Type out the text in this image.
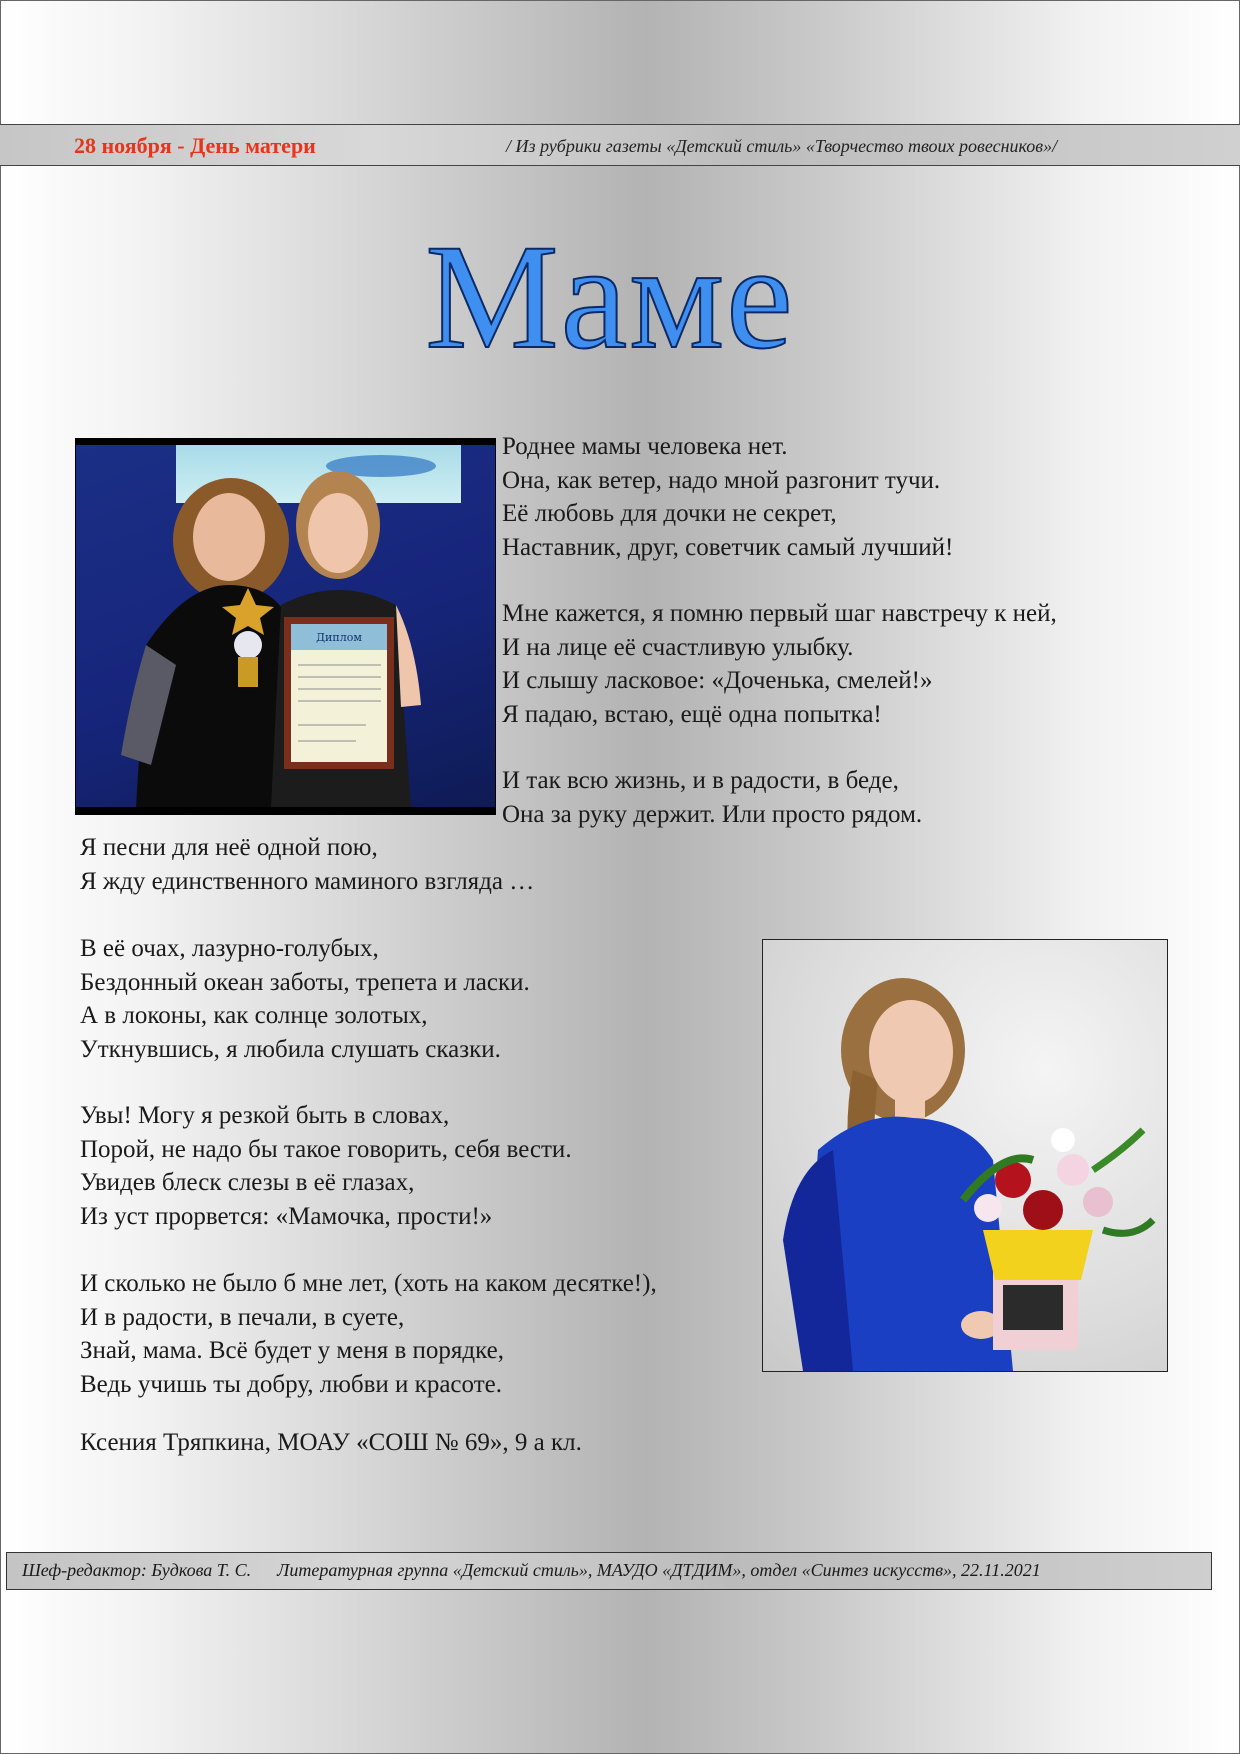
28 ноября - День матери	/ Из рубрики газеты «Детский стиль» «Творчество твоих ровесников»/
Маме
Диплом

Роднее мамы человека нет.

Она, как ветер, надо мной разгонит тучи.

Её любовь для дочки не секрет,

Наставник, друг, советчик самый лучший!

Мне кажется, я помню первый шаг навстречу к ней,

И на лице её счастливую улыбку.

И слышу ласковое: «Доченька, смелей!»

Я падаю, встаю, ещё одна попытка!

И так всю жизнь, и в радости, в беде,

Она за руку держит. Или просто рядом.

Я песни для неё одной пою,

Я жду единственного маминого взгляда …

В её очах, лазурно-голубых,

Бездонный океан заботы, трепета и ласки.

А в локоны, как солнце золотых,

Уткнувшись, я любила слушать сказки.

Увы! Могу я резкой быть в словах,

Порой, не надо бы такое говорить, себя вести.

Увидев блеск слезы в её глазах,

Из уст прорвется: «Мамочка, прости!»

И сколько не было б мне лет, (хоть на каком десятке!),

И в радости, в печали, в суете,

Знай, мама. Всё будет у меня в порядке,

Ведь учишь ты добру, любви и красоте.

Ксения Тряпкина, МОАУ «СОШ № 69», 9 а кл.
Шеф-редактор: Будкова Т. С. Литературная группа «Детский стиль», МАУДО «ДТДИМ», отдел «Синтез искусств», 22.11.2021
